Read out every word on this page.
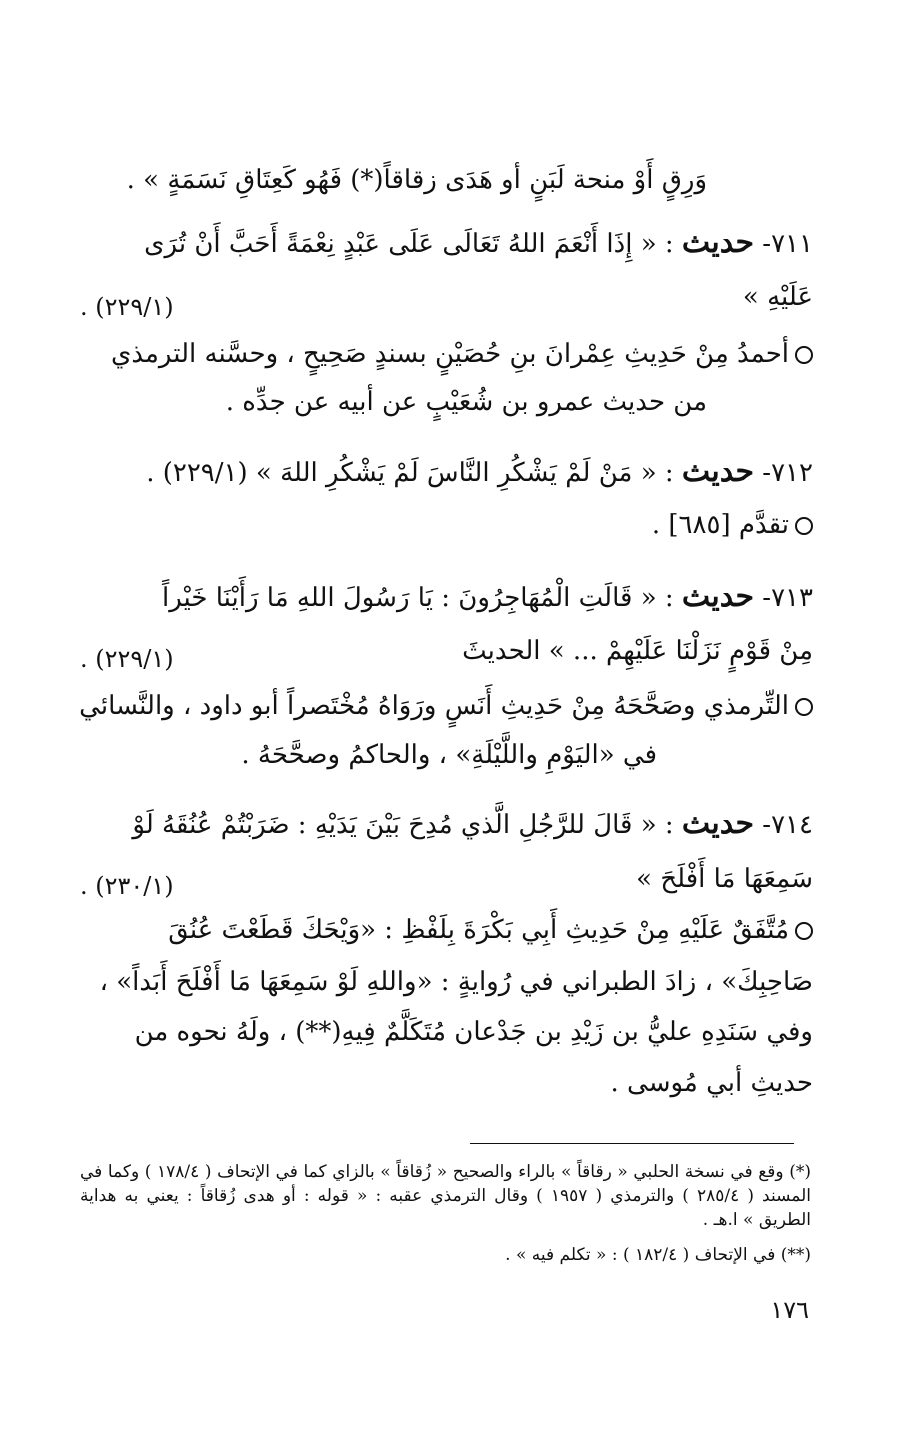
وَرِقٍ أَوْ منحة لَبَنٍ أو هَدَى زقاقاً(*) فَهُو كَعِتَاقِ نَسَمَةٍ » .
٧١١- حديث : « إِذَا أَنْعَمَ اللهُ تَعَالَى عَلَى عَبْدٍ نِعْمَةً أَحَبَّ أَنْ تُرَى
عَلَيْهِ »
(٢٢٩/١) .
أحمدُ مِنْ حَدِيثِ عِمْرانَ بنِ حُصَيْنٍ بسندٍ صَحِيحٍ ، وحسَّنه الترمذي
من حديث عمرو بن شُعَيْبٍ عن أبيه عن جدِّه .
٧١٢- حديث : « مَنْ لَمْ يَشْكُرِ النَّاسَ لَمْ يَشْكُرِ اللهَ » (٢٢٩/١) .
تقدَّم [٦٨٥] .
٧١٣- حديث : « قَالَتِ الْمُهَاجِرُونَ : يَا رَسُولَ اللهِ مَا رَأَيْنَا خَيْراً
مِنْ قَوْمٍ نَزَلْنَا عَلَيْهِمْ ... » الحديثَ
(٢٢٩/١) .
التِّرمذي وصَحَّحَهُ مِنْ حَدِيثِ أَنَسٍ ورَوَاهُ مُخْتَصراً أبو داود ، والنَّسائي
في «اليَوْمِ واللَّيْلَةِ» ، والحاكمُ وصحَّحَهُ .
٧١٤- حديث : « قَالَ للرَّجُلِ الَّذي مُدِحَ بَيْنَ يَدَيْهِ : ضَرَبْتُمْ عُنُقَهُ لَوْ
سَمِعَهَا مَا أَفْلَحَ »
(٢٣٠/١) .
مُتَّفَقٌ عَلَيْهِ مِنْ حَدِيثِ أَبِي بَكْرَةَ بِلَفْظِ : «وَيْحَكَ قَطَعْتَ عُنُقَ
صَاحِبِكَ» ، زادَ الطبراني في رُوايةٍ : «واللهِ لَوْ سَمِعَهَا مَا أَفْلَحَ أَبَداً» ،
وفي سَنَدِهِ عليُّ بن زَيْدِ بن جَدْعان مُتَكَلَّمٌ فِيهِ(**) ، ولَهُ نحوه من
حديثِ أبي مُوسى .
(*) وقع في نسخة الحلبي « رقاقاً » بالراء والصحيح « زُقاقاً » بالزاي كما في الإتحاف ( ١٧٨/٤ ) وكما في المسند ( ٢٨٥/٤ ) والترمذي ( ١٩٥٧ ) وقال الترمذي عقبه : « قوله : أو هدى زُقاقاً : يعني به هداية الطريق » ا.هـ .
(**) في الإتحاف ( ١٨٢/٤ ) : « تكلم فيه » .
١٧٦
